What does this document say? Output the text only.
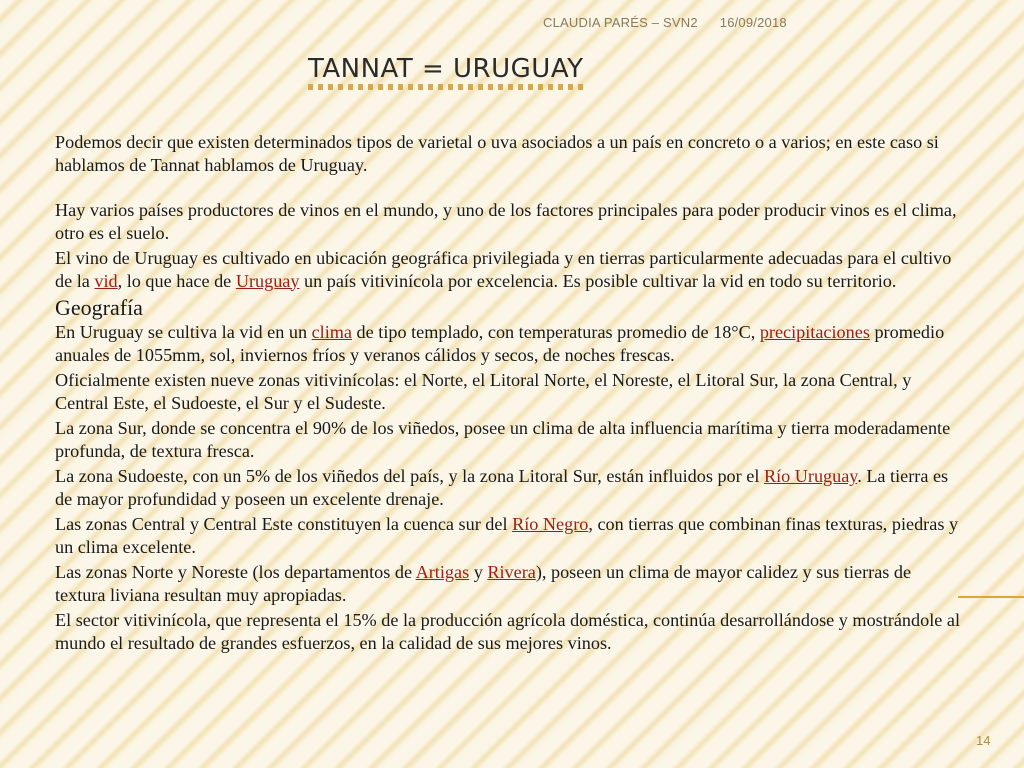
CLAUDIA PARÉS – SVN2 16/09/2018
TANNAT = URUGUAY

Podemos decir que existen determinados tipos de varietal o uva asociados a un país en concreto o a varios; en este caso si hablamos de Tannat hablamos de Uruguay.

Hay varios países productores de vinos en el mundo, y uno de los factores principales para poder producir vinos es el clima, otro es el suelo.

El vino de Uruguay es cultivado en ubicación geográfica privilegiada y en tierras particularmente adecuadas para el cultivo de la vid, lo que hace de Uruguay un país vitivinícola por excelencia. Es posible cultivar la vid en todo su territorio.

Geografía

En Uruguay se cultiva la vid en un clima de tipo templado, con temperaturas promedio de 18°C, precipitaciones promedio anuales de 1055mm, sol, inviernos fríos y veranos cálidos y secos, de noches frescas.

Oficialmente existen nueve zonas vitivinícolas: el Norte, el Litoral Norte, el Noreste, el Litoral Sur, la zona Central, y Central Este, el Sudoeste, el Sur y el Sudeste.

La zona Sur, donde se concentra el 90% de los viñedos, posee un clima de alta influencia marítima y tierra moderadamente profunda, de textura fresca.

La zona Sudoeste, con un 5% de los viñedos del país, y la zona Litoral Sur, están influidos por el Río Uruguay. La tierra es de mayor profundidad y poseen un excelente drenaje.

Las zonas Central y Central Este constituyen la cuenca sur del Río Negro, con tierras que combinan finas texturas, piedras y un clima excelente.

Las zonas Norte y Noreste (los departamentos de Artigas y Rivera), poseen un clima de mayor calidez y sus tierras de textura liviana resultan muy apropiadas.

El sector vitivinícola, que representa el 15% de la producción agrícola doméstica, continúa desarrollándose y mostrándole al mundo el resultado de grandes esfuerzos, en la calidad de sus mejores vinos.

14
